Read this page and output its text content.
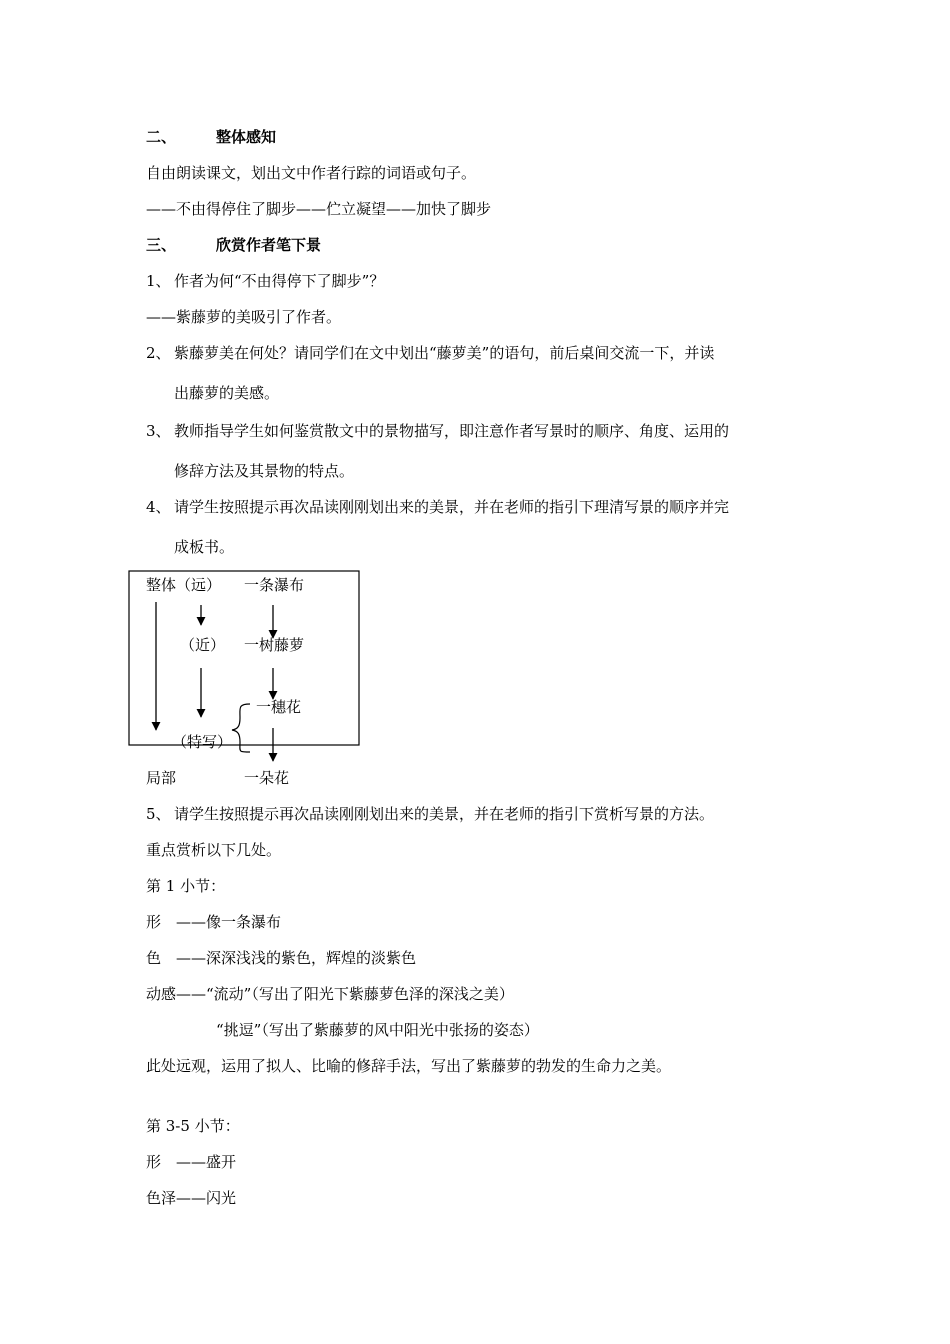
二、	整体感知
自由朗读课文，划出文中作者行踪的词语或句子。
——不由得停住了脚步——伫立凝望——加快了脚步
三、	欣赏作者笔下景
1、 作者为何“不由得停下了脚步”？
——紫藤萝的美吸引了作者。
2、 紫藤萝美在何处？请同学们在文中划出“藤萝美”的语句，前后桌间交流一下，并读
出藤萝的美感。
3、 教师指导学生如何鉴赏散文中的景物描写，即注意作者写景时的顺序、角度、运用的
修辞方法及其景物的特点。
4、 请学生按照提示再次品读刚刚划出来的美景，并在老师的指引下理清写景的顺序并完
成板书。
整体（远） 一条瀑布
（近） 一树藤萝
一穗花
（特写）
局部	一朵花
5、 请学生按照提示再次品读刚刚划出来的美景，并在老师的指引下赏析写景的方法。
重点赏析以下几处。
第 1 小节：
形　——像一条瀑布
色　——深深浅浅的紫色，辉煌的淡紫色
动感——“流动”（写出了阳光下紫藤萝色泽的深浅之美）
“挑逗”（写出了紫藤萝的风中阳光中张扬的姿态）
此处远观，运用了拟人、比喻的修辞手法，写出了紫藤萝的勃发的生命力之美。
第 3-5 小节：
形　——盛开
色泽——闪光
